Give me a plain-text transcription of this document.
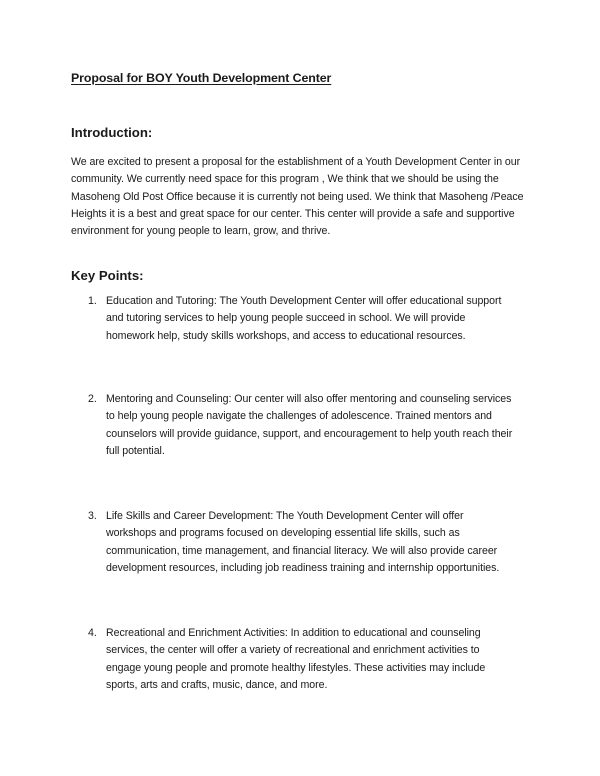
Proposal for BOY Youth Development Center
Introduction:

We are excited to present a proposal for the establishment of a Youth Development Center in our community. We currently need space for this program , We think that we should be using the Masoheng Old Post Office because it is currently not being used. We think that Masoheng /Peace Heights it is a best and great space for our center. This center will provide a safe and supportive environment for young people to learn, grow, and thrive.

Key Points:
1. Education and Tutoring: The Youth Development Center will offer educational support and tutoring services to help young people succeed in school. We will provide homework help, study skills workshops, and access to educational resources.

2. Mentoring and Counseling: Our center will also offer mentoring and counseling services to help young people navigate the challenges of adolescence. Trained mentors and counselors will provide guidance, support, and encouragement to help youth reach their full potential.

3. Life Skills and Career Development: The Youth Development Center will offer workshops and programs focused on developing essential life skills, such as communication, time management, and financial literacy. We will also provide career development resources, including job readiness training and internship opportunities.

4. Recreational and Enrichment Activities: In addition to educational and counseling services, the center will offer a variety of recreational and enrichment activities to engage young people and promote healthy lifestyles. These activities may include sports, arts and crafts, music, dance, and more.
